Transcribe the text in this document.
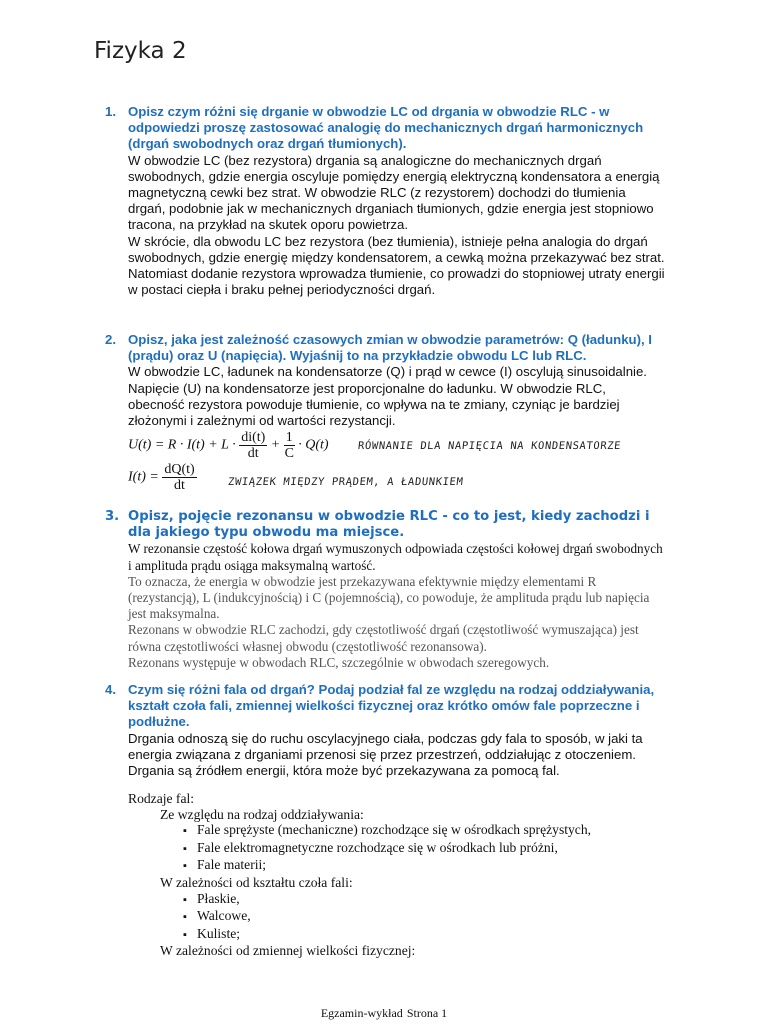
Fizyka 2
1. Opisz czym różni się drganie w obwodzie LC od drgania w obwodzie RLC - w odpowiedzi proszę zastosować analogię do mechanicznych drgań harmonicznych (drgań swobodnych oraz drgań tłumionych).

W obwodzie LC (bez rezystora) drgania są analogiczne do mechanicznych drgań swobodnych, gdzie energia oscyluje pomiędzy energią elektryczną kondensatora a energią magnetyczną cewki bez strat. W obwodzie RLC (z rezystorem) dochodzi do tłumienia drgań, podobnie jak w mechanicznych drganiach tłumionych, gdzie energia jest stopniowo tracona, na przykład na skutek oporu powietrza.

W skrócie, dla obwodu LC bez rezystora (bez tłumienia), istnieje pełna analogia do drgań swobodnych, gdzie energię między kondensatorem, a cewką można przekazywać bez strat. Natomiast dodanie rezystora wprowadza tłumienie, co prowadzi do stopniowej utraty energii w postaci ciepła i braku pełnej periodyczności drgań.

2. Opisz, jaka jest zależność czasowych zmian w obwodzie parametrów: Q (ładunku), I (prądu) oraz U (napięcia). Wyjaśnij to na przykładzie obwodu LC lub RLC.

W obwodzie LC, ładunek na kondensatorze (Q) i prąd w cewce (I) oscylują sinusoidalnie. Napięcie (U) na kondensatorze jest proporcjonalne do ładunku. W obwodzie RLC, obecność rezystora powoduje tłumienie, co wpływa na te zmiany, czyniąc je bardziej złożonymi i zależnymi od wartości rezystancji.

$U(t) = R \cdot I(t) + L \cdot \frac{di(t)}{dt} + \frac{1}{C} \cdot Q(t)$	RÓWNANIE DLA NAPIĘCIA NA KONDENSATORZE
$I(t) = \frac{dQ(t)}{dt}$	ZWIĄZEK MIĘDZY PRĄDEM, A ŁADUNKIEM
3. Opisz, pojęcie rezonansu w obwodzie RLC - co to jest, kiedy zachodzi i dla jakiego typu obwodu ma miejsce.

W rezonansie częstość kołowa drgań wymuszonych odpowiada częstości kołowej drgań swobodnych i amplituda prądu osiąga maksymalną wartość.

To oznacza, że energia w obwodzie jest przekazywana efektywnie między elementami R (rezystancją), L (indukcyjnością) i C (pojemnością), co powoduje, że amplituda prądu lub napięcia jest maksymalna.

Rezonans w obwodzie RLC zachodzi, gdy częstotliwość drgań (częstotliwość wymuszająca) jest równa częstotliwości własnej obwodu (częstotliwość rezonansowa).

Rezonans występuje w obwodach RLC, szczególnie w obwodach szeregowych.

4. Czym się różni fala od drgań? Podaj podział fal ze względu na rodzaj oddziaływania, kształt czoła fali, zmiennej wielkości fizycznej oraz krótko omów fale poprzeczne i podłużne.

Drgania odnoszą się do ruchu oscylacyjnego ciała, podczas gdy fala to sposób, w jaki ta energia związana z drganiami przenosi się przez przestrzeń, oddziałując z otoczeniem. Drgania są źródłem energii, która może być przekazywana za pomocą fal.

Rodzaje fal:
Ze względu na rodzaj oddziaływania:
▪ Fale sprężyste (mechaniczne) rozchodzące się w ośrodkach sprężystych,
▪ Fale elektromagnetyczne rozchodzące się w ośrodkach lub próżni,
▪ Fale materii;
W zależności od kształtu czoła fali:
▪ Płaskie,
▪ Walcowe,
▪ Kuliste;
W zależności od zmiennej wielkości fizycznej:
Egzamin-wykład Strona 1
